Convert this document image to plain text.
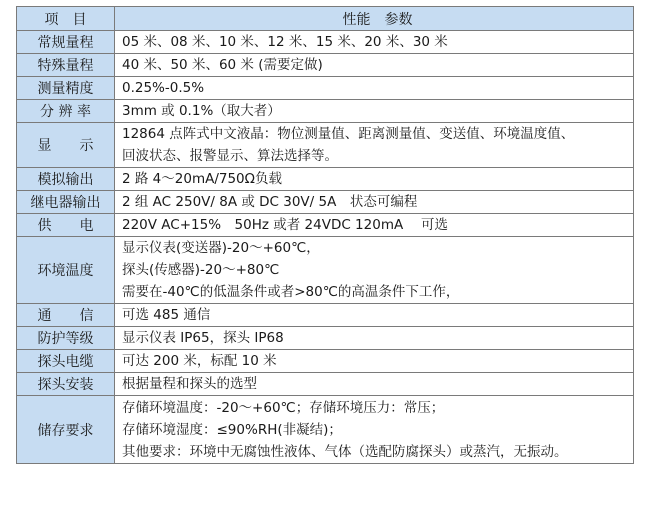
项　目	性能　参数
常规量程	05 米、08 米、10 米、12 米、15 米、20 米、30 米

特殊量程	40 米、50 米、60 米 (需要定做)

测量精度	0.25%-0.5%

分 辨 率	3mm 或 0.1%（取大者）

显　　示	12864 点阵式中文液晶：物位测量值、距离测量值、变送值、环境温度值、
回波状态、报警显示、算法选择等。

模拟输出	2 路 4～20mA/750Ω负载

继电器输出	2 组 AC 250V/ 8A 或 DC 30V/ 5A　状态可编程

供　　电	220V AC+15%　50Hz 或者 24VDC 120mA　 可选

环境温度	显示仪表(变送器)-20～+60℃，
探头(传感器)-20～+80℃
需要在-40℃的低温条件或者>80℃的高温条件下工作，

通　　信	可选 485 通信

防护等级	显示仪表 IP65，探头 IP68

探头电缆	可达 200 米，标配 10 米

探头安装	根据量程和探头的选型

储存要求	存储环境温度：-20～+60℃；存储环境压力：常压；
存储环境湿度：≤90%RH(非凝结)；
其他要求：环境中无腐蚀性液体、气体（选配防腐探头）或蒸汽，无振动。
